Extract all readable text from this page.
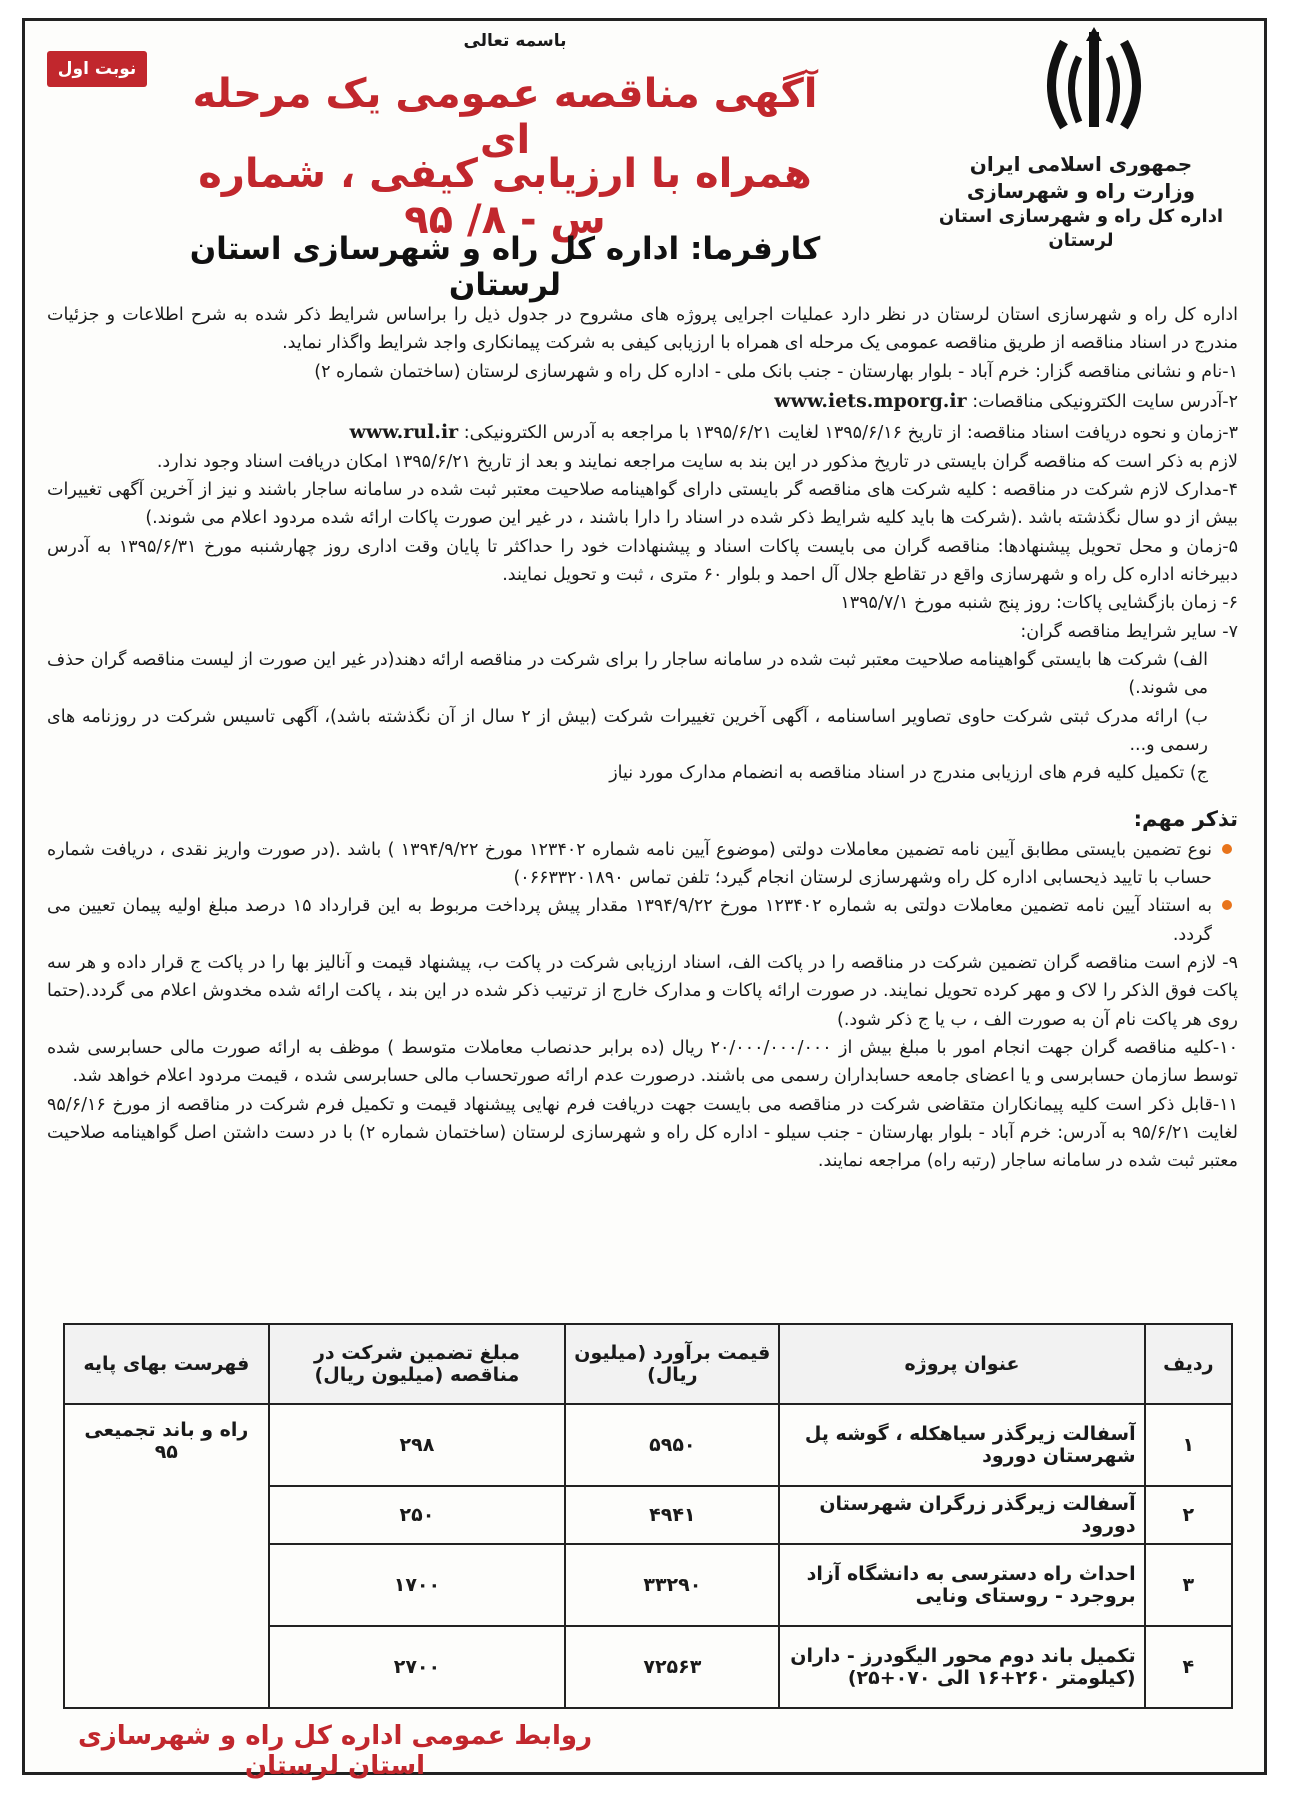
جمهوری اسلامی ایران
وزارت راه و شهرسازی
اداره کل راه و شهرسازی استان لرستان
باسمه تعالی
نوبت اول
آگهی مناقصه عمومی یک مرحله ای
همراه با ارزیابی کیفی ، شماره س - ۸/ ۹۵
کارفرما: اداره کل راه و شهرسازی استان لرستان

اداره کل راه و شهرسازی استان لرستان در نظر دارد عملیات اجرایی پروژه های مشروح در جدول ذیل را براساس شرایط ذکر شده به شرح اطلاعات و جزئیات مندرج در اسناد مناقصه از طریق مناقصه عمومی یک مرحله ای همراه با ارزیابی کیفی به شرکت پیمانکاری واجد شرایط واگذار نماید.

۱-نام و نشانی مناقصه گزار: خرم آباد - بلوار بهارستان - جنب بانک ملی - اداره کل راه و شهرسازی لرستان (ساختمان شماره ۲)

۲-آدرس سایت الکترونیکی مناقصات: www.iets.mporg.ir

۳-زمان و نحوه دریافت اسناد مناقصه: از تاریخ ۱۳۹۵/۶/۱۶ لغایت ۱۳۹۵/۶/۲۱ با مراجعه به آدرس الکترونیکی: www.rul.ir

لازم به ذکر است که مناقصه گران بایستی در تاریخ مذکور در این بند به سایت مراجعه نمایند و بعد از تاریخ ۱۳۹۵/۶/۲۱ امکان دریافت اسناد وجود ندارد.

۴-مدارک لازم شرکت در مناقصه : کلیه شرکت های مناقصه گر بایستی دارای گواهینامه صلاحیت معتبر ثبت شده در سامانه ساجار باشند و نیز از آخرین آگهی تغییرات بیش از دو سال نگذشته باشد .(شرکت ها باید کلیه شرایط ذکر شده در اسناد را دارا باشند ، در غیر این صورت پاکات ارائه شده مردود اعلام می شوند.)

۵-زمان و محل تحویل پیشنهادها: مناقصه گران می بایست پاکات اسناد و پیشنهادات خود را حداکثر تا پایان وقت اداری روز چهارشنبه مورخ ۱۳۹۵/۶/۳۱ به آدرس دبیرخانه اداره کل راه و شهرسازی واقع در تقاطع جلال آل احمد و بلوار ۶۰ متری ، ثبت و تحویل نمایند.

۶- زمان بازگشایی پاکات: روز پنج شنبه مورخ ۱۳۹۵/۷/۱

۷- سایر شرایط مناقصه گران:

الف) شرکت ها بایستی گواهینامه صلاحیت معتبر ثبت شده در سامانه ساجار را برای شرکت در مناقصه ارائه دهند(در غیر این صورت از لیست مناقصه گران حذف می شوند.)

ب) ارائه مدرک ثبتی شرکت حاوی تصاویر اساسنامه ، آگهی آخرین تغییرات شرکت (بیش از ۲ سال از آن نگذشته باشد)، آگهی تاسیس شرکت در روزنامه های رسمی و...

ج) تکمیل کلیه فرم های ارزیابی مندرج در اسناد مناقصه به انضمام مدارک مورد نیاز

تذکر مهم:

نوع تضمین بایستی مطابق آیین نامه تضمین معاملات دولتی (موضوع آیین نامه شماره ۱۲۳۴۰۲ مورخ ۱۳۹۴/۹/۲۲ ) باشد .(در صورت واریز نقدی ، دریافت شماره حساب با تایید ذیحسابی اداره کل راه وشهرسازی لرستان انجام گیرد؛ تلفن تماس ۰۶۶۳۳۲۰۱۸۹۰)

به استناد آیین نامه تضمین معاملات دولتی به شماره ۱۲۳۴۰۲ مورخ ۱۳۹۴/۹/۲۲ مقدار پیش پرداخت مربوط به این قرارداد ۱۵ درصد مبلغ اولیه پیمان تعیین می گردد.

۹- لازم است مناقصه گران تضمین شرکت در مناقصه را در پاکت الف، اسناد ارزیابی شرکت در پاکت ب، پیشنهاد قیمت و آنالیز بها را در پاکت ج قرار داده و هر سه پاکت فوق الذکر را لاک و مهر کرده تحویل نمایند. در صورت ارائه پاکات و مدارک خارج از ترتیب ذکر شده در این بند ، پاکت ارائه شده مخدوش اعلام می گردد.(حتما روی هر پاکت نام آن به صورت الف ، ب یا ج ذکر شود.)

۱۰-کلیه مناقصه گران جهت انجام امور با مبلغ بیش از ۲۰/۰۰۰/۰۰۰/۰۰۰ ریال (ده برابر حدنصاب معاملات متوسط ) موظف به ارائه صورت مالی حسابرسی شده توسط سازمان حسابرسی و یا اعضای جامعه حسابداران رسمی می باشند. درصورت عدم ارائه صورتحساب مالی حسابرسی شده ، قیمت مردود اعلام خواهد شد.

۱۱-قابل ذکر است کلیه پیمانکاران متقاضی شرکت در مناقصه می بایست جهت دریافت فرم نهایی پیشنهاد قیمت و تکمیل فرم شرکت در مناقصه از مورخ ۹۵/۶/۱۶ لغایت ۹۵/۶/۲۱ به آدرس: خرم آباد - بلوار بهارستان - جنب سیلو - اداره کل راه و شهرسازی لرستان (ساختمان شماره ۲) با در دست داشتن اصل گواهینامه صلاحیت معتبر ثبت شده در سامانه ساجار (رتبه راه) مراجعه نمایند.

ردیف	عنوان پروژه	قیمت برآورد (میلیون ریال)	مبلغ تضمین شرکت در مناقصه (میلیون ریال)	فهرست بهای پایه
۱	آسفالت زیرگذر سیاهکله ، گوشه پل شهرستان دورود	۵۹۵۰	۲۹۸	راه و باند تجمیعی ۹۵
۲	آسفالت زیرگذر زرگران شهرستان دورود	۴۹۴۱	۲۵۰	
۳	احداث راه دسترسی به دانشگاه آزاد بروجرد - روستای ونایی	۳۳۲۹۰	۱۷۰۰	
۴	تکمیل باند دوم محور الیگودرز - داران (کیلومتر ۲۶۰+۱۶ الی ۰۷۰+۲۵)	۷۲۵۶۳	۲۷۰۰	
روابط عمومی اداره کل راه و شهرسازی استان لرستان
